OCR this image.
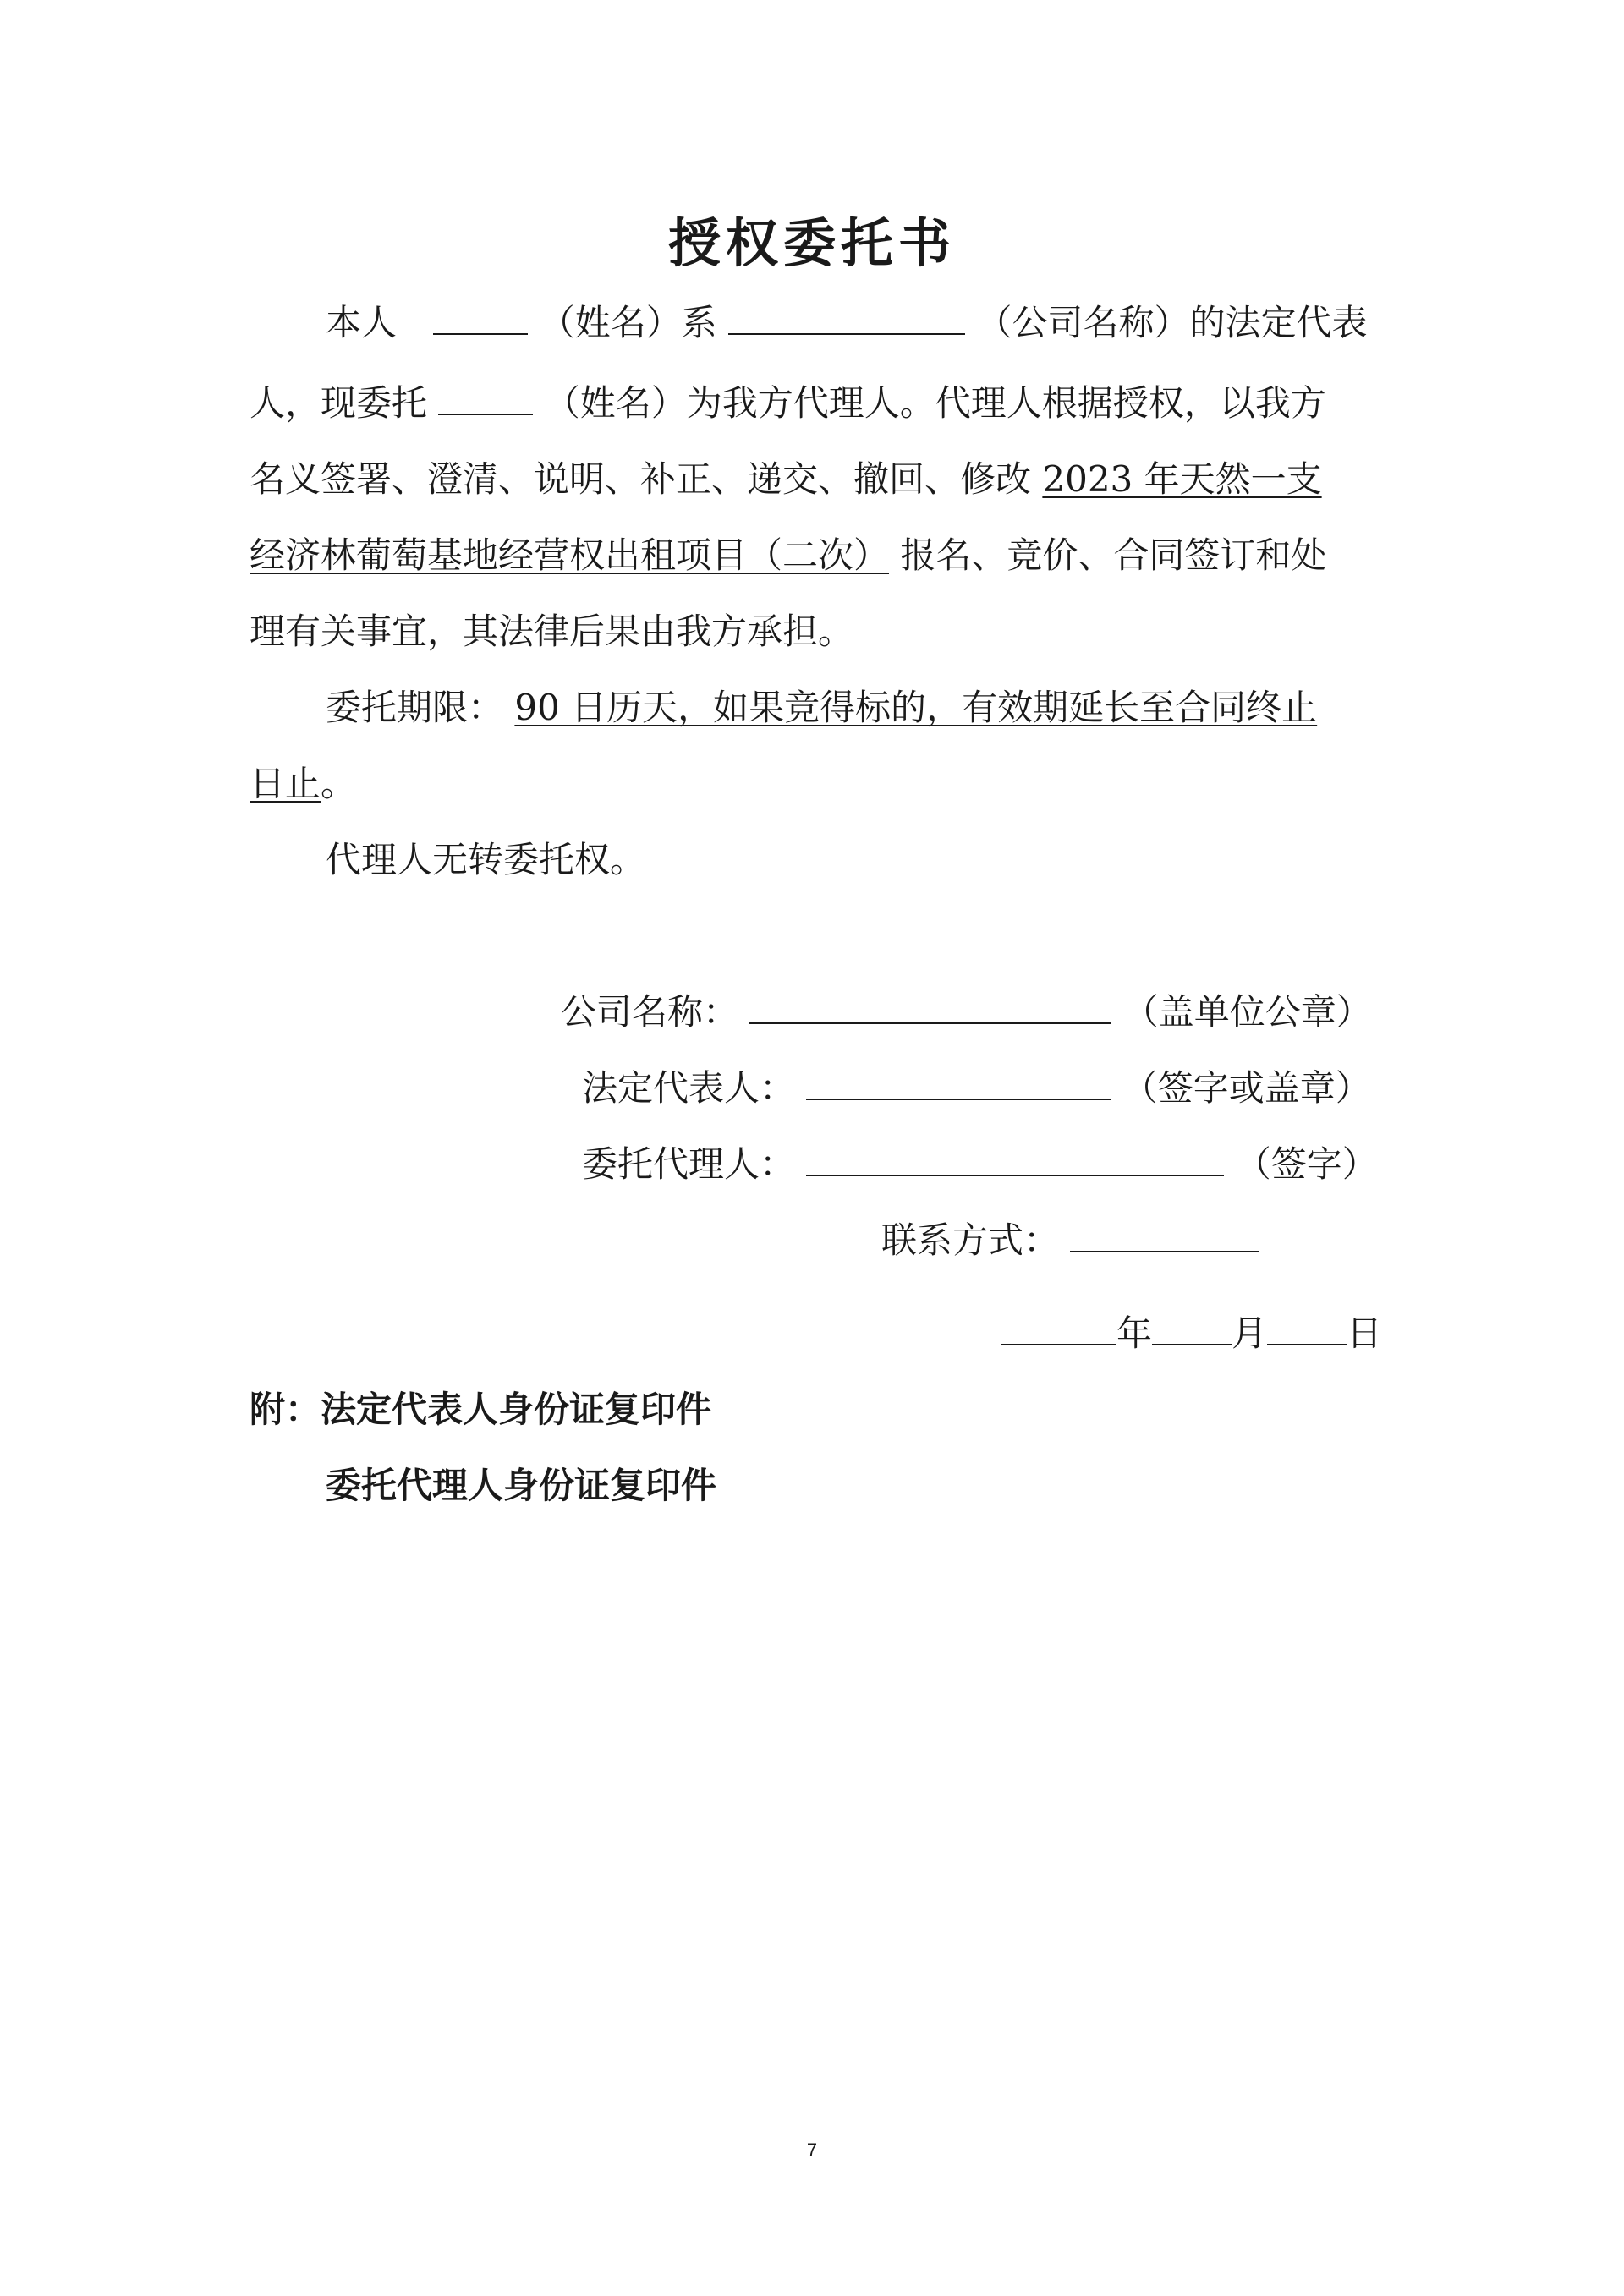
授权委托书
本人	（姓名）系	（公司名称）的法定代表
人，现委托	（姓名）为我方代理人。代理人根据授权，以我方
名义签署、澄清、说明、补正、递交、撤回、修改 2023 年天然一支
经济林葡萄基地经营权出租项目（二次） 报名、竞价、合同签订和处
理有关事宜，其法律后果由我方承担。
委托期限： 90 日历天，如果竞得标的，有效期延长至合同终止
日止。
代理人无转委托权。
公司名称：	（盖单位公章）
法定代表人：	（签字或盖章）
委托代理人：	（签字）
联系方式：
年 月 日
附：法定代表人身份证复印件
委托代理人身份证复印件
7
